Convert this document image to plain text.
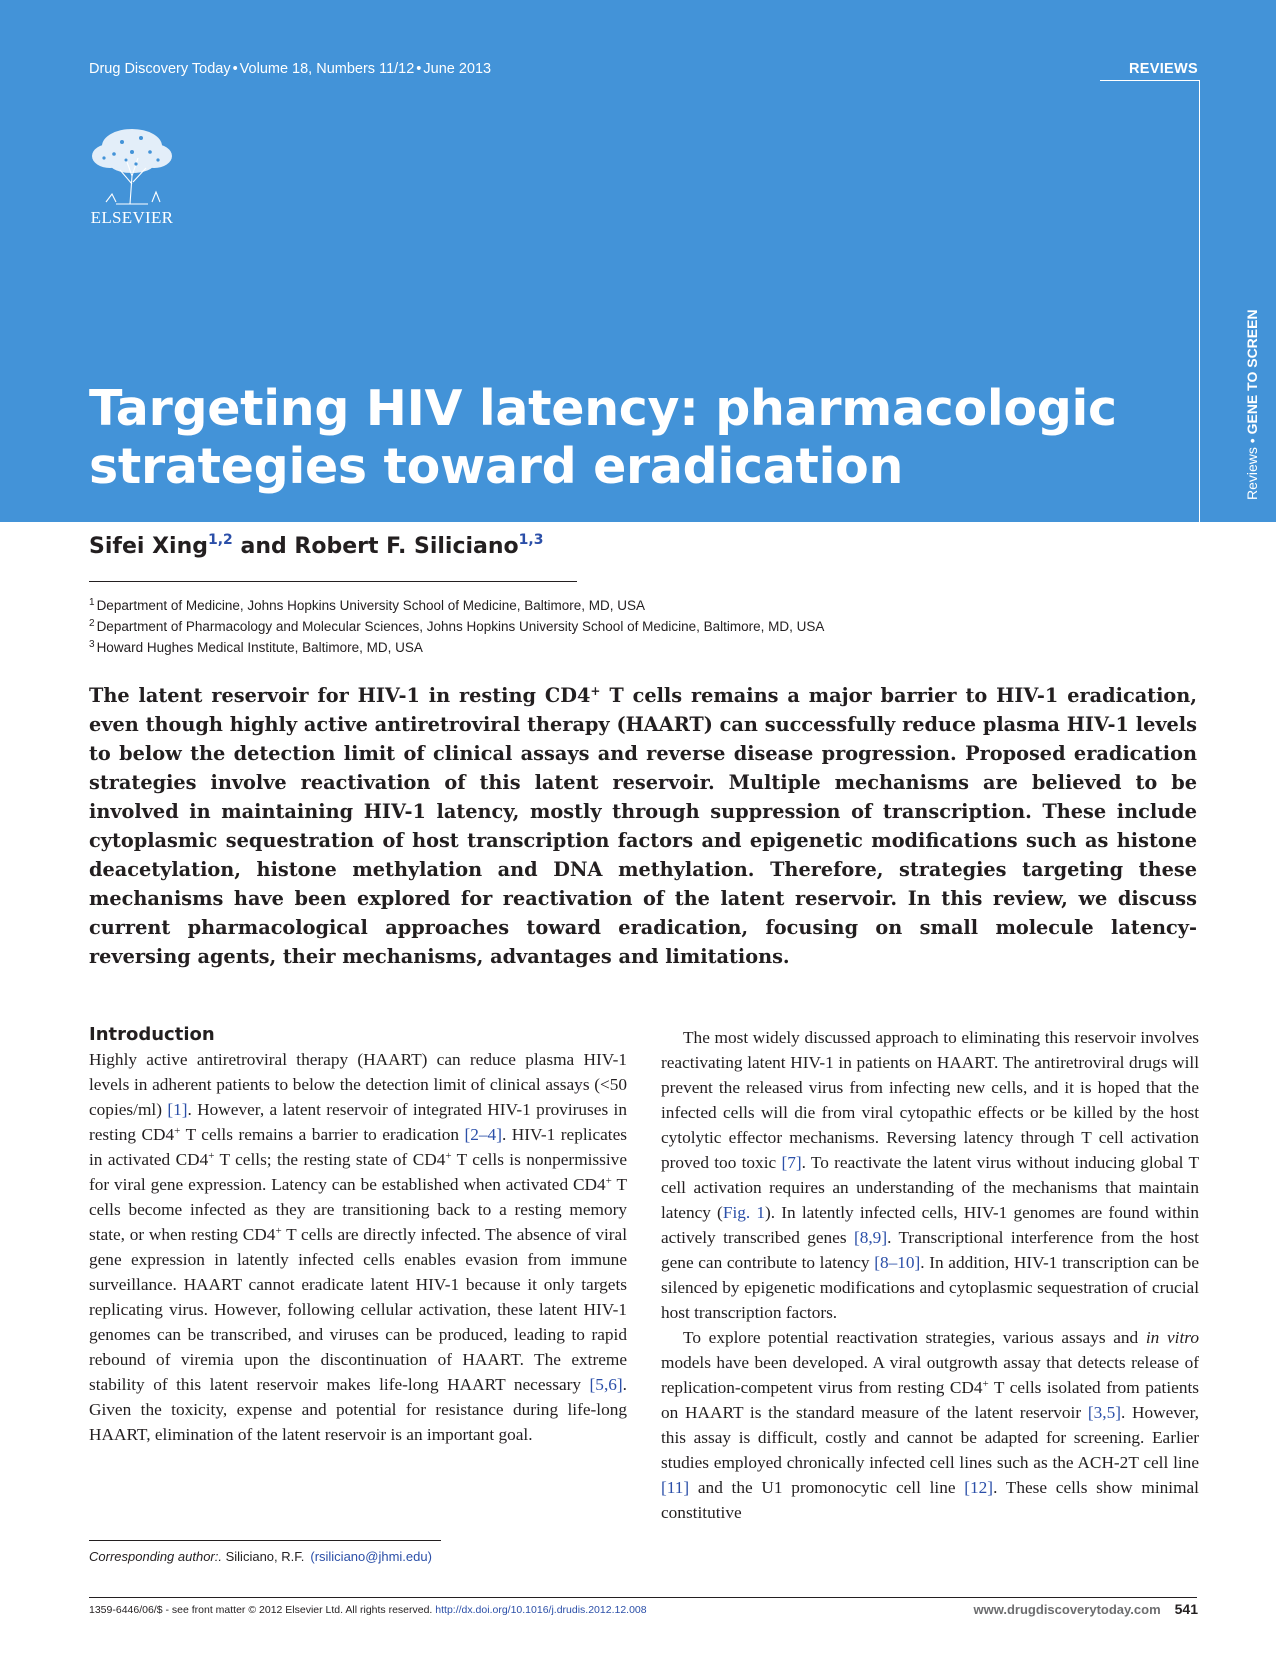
Drug Discovery Today • Volume 18, Numbers 11/12 • June 2013	REVIEWS
ELSEVIER
Reviews • GENE TO SCREEN
Targeting HIV latency: pharmacologic strategies toward eradication
Sifei Xing$^{1,2}$ and Robert F. Siliciano$^{1,3}$
$^1$ Department of Medicine, Johns Hopkins University School of Medicine, Baltimore, MD, USA
$^2$ Department of Pharmacology and Molecular Sciences, Johns Hopkins University School of Medicine, Baltimore, MD, USA
$^3$ Howard Hughes Medical Institute, Baltimore, MD, USA

The latent reservoir for HIV-1 in resting CD4+ T cells remains a major barrier to HIV-1 eradication, even though highly active antiretroviral therapy (HAART) can successfully reduce plasma HIV-1 levels to below the detection limit of clinical assays and reverse disease progression. Proposed eradication strategies involve reactivation of this latent reservoir. Multiple mechanisms are believed to be involved in maintaining HIV-1 latency, mostly through suppression of transcription. These include cytoplasmic sequestration of host transcription factors and epigenetic modifications such as histone deacetylation, histone methylation and DNA methylation. Therefore, strategies targeting these mechanisms have been explored for reactivation of the latent reservoir. In this review, we discuss current pharmacological approaches toward eradication, focusing on small molecule latency-reversing agents, their mechanisms, advantages and limitations.

Introduction

Highly active antiretroviral therapy (HAART) can reduce plasma HIV-1 levels in adherent patients to below the detection limit of clinical assays (<50 copies/ml) [1]. However, a latent reservoir of integrated HIV-1 proviruses in resting CD4+ T cells remains a barrier to eradication [2–4]. HIV-1 replicates in activated CD4+ T cells; the resting state of CD4+ T cells is nonpermissive for viral gene expression. Latency can be established when activated CD4+ T cells become infected as they are transitioning back to a resting memory state, or when resting CD4+ T cells are directly infected. The absence of viral gene expression in latently infected cells enables evasion from immune surveillance. HAART cannot eradicate latent HIV-1 because it only targets replicating virus. However, following cellular activation, these latent HIV-1 genomes can be transcribed, and viruses can be produced, leading to rapid rebound of viremia upon the discontinuation of HAART. The extreme stability of this latent reservoir makes life-long HAART necessary [5,6]. Given the toxicity, expense and potential for resistance during life-long HAART, elimination of the latent reservoir is an important goal.

The most widely discussed approach to eliminating this reservoir involves reactivating latent HIV-1 in patients on HAART. The antiretroviral drugs will prevent the released virus from infecting new cells, and it is hoped that the infected cells will die from viral cytopathic effects or be killed by the host cytolytic effector mechanisms. Reversing latency through T cell activation proved too toxic [7]. To reactivate the latent virus without inducing global T cell activation requires an understanding of the mechanisms that maintain latency (Fig. 1). In latently infected cells, HIV-1 genomes are found within actively transcribed genes [8,9]. Transcriptional interference from the host gene can contribute to latency [8–10]. In addition, HIV-1 transcription can be silenced by epigenetic modifications and cytoplasmic sequestration of crucial host transcription factors.

To explore potential reactivation strategies, various assays and in vitro models have been developed. A viral outgrowth assay that detects release of replication-competent virus from resting CD4+ T cells isolated from patients on HAART is the standard measure of the latent reservoir [3,5]. However, this assay is difficult, costly and cannot be adapted for screening. Earlier studies employed chronically infected cell lines such as the ACH-2T cell line [11] and the U1 promonocytic cell line [12]. These cells show minimal constitutive

Corresponding author:. Siliciano, R.F. (rsiliciano@jhmi.edu)
1359-6446/06/$ - see front matter © 2012 Elsevier Ltd. All rights reserved. http://dx.doi.org/10.1016/j.drudis.2012.12.008	www.drugdiscoverytoday.com 541
